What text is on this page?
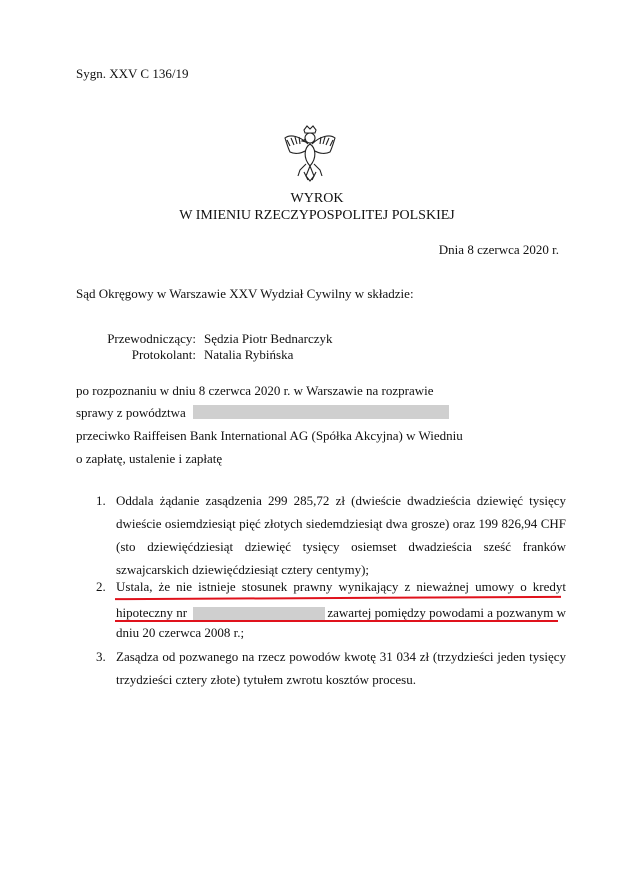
Sygn. XXV C 136/19
WYROK
W IMIENIU RZECZYPOSPOLITEJ POLSKIEJ
Dnia 8 czerwca 2020 r.
Sąd Okręgowy w Warszawie XXV Wydział Cywilny w składzie:
Przewodniczący: Sędzia Piotr Bednarczyk
Protokolant: Natalia Rybińska
po rozpoznaniu w dniu 8 czerwca 2020 r. w Warszawie na rozprawie
sprawy z powództwa
przeciwko Raiffeisen Bank International AG (Spółka Akcyjna) w Wiedniu
o zapłatę, ustalenie i zapłatę
1. Oddala żądanie zasądzenia 299 285,72 zł (dwieście dwadzieścia dziewięć tysięcy
dwieście osiemdziesiąt pięć złotych siedemdziesiąt dwa grosze) oraz 199 826,94 CHF
(sto dziewięćdziesiąt dziewięć tysięcy osiemset dwadzieścia sześć franków
szwajcarskich dziewięćdziesiąt cztery centymy);
2. Ustala, że nie istnieje stosunek prawny wynikający z nieważnej umowy o kredyt
hipoteczny nr	zawartej pomiędzy powodami a pozwanym w
dniu 20 czerwca 2008 r.;
3. Zasądza od pozwanego na rzecz powodów kwotę 31 034 zł (trzydzieści jeden tysięcy
trzydzieści cztery złote) tytułem zwrotu kosztów procesu.
